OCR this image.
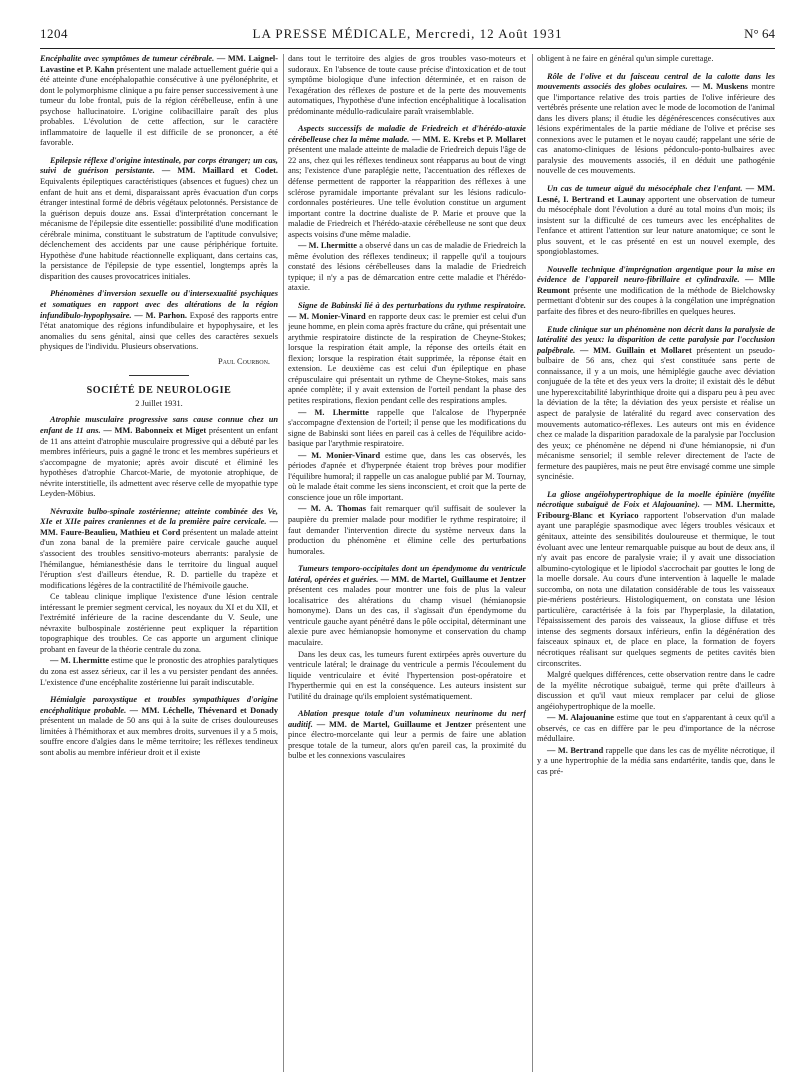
1204	LA PRESSE MÉDICALE, Mercredi, 12 Août 1931	N° 64

Encéphalite avec symptômes de tumeur cérébrale. — MM. Laignel-Lavastine et P. Kahn présentent une malade actuellement guérie qui a été atteinte d'une encéphalopathie consécutive à une pyélonéphrite, et dont le polymorphisme clinique a pu faire penser successivement à une tumeur du lobe frontal, puis de la région cérébelleuse, enfin à une psychose hallucinatoire. L'origine colibacillaire paraît des plus probables. L'évolution de cette affection, sur le caractère inflammatoire de laquelle il est difficile de se prononcer, a été favorable.

Epilepsie réflexe d'origine intestinale, par corps étranger; un cas, suivi de guérison persistante. — MM. Maillard et Codet. Equivalents épileptiques caractéristiques (absences et fugues) chez un enfant de huit ans et demi, disparaissant après évacuation d'un corps étranger intestinal formé de débris végétaux pelotonnés. Persistance de la guérison depuis douze ans. Essai d'interprétation concernant le mécanisme de l'épilepsie dite essentielle: possibilité d'une modification cérébrale minima, constituant le substratum de l'aptitude convulsive; déclenchement des accidents par une cause périphérique fortuite. Hypothèse d'une habitude réactionnelle expliquant, dans certains cas, la persistance de l'épilepsie de type essentiel, longtemps après la disparition des causes provocatrices initiales.

Phénomènes d'inversion sexuelle ou d'intersexualité psychiques et somatiques en rapport avec des altérations de la région infundibulo-hypophysaire. — M. Parhon. Exposé des rapports entre l'état anatomique des régions infundibulaire et hypophysaire, et les anomalies du sens génital, ainsi que celles des caractères sexuels physiques de l'individu. Plusieurs observations.

Paul Courbon.

SOCIÉTÉ DE NEUROLOGIE

2 Juillet 1931.

Atrophie musculaire progressive sans cause connue chez un enfant de 11 ans. — MM. Babonneix et Miget présentent un enfant de 11 ans atteint d'atrophie musculaire progressive qui a débuté par les membres inférieurs, puis a gagné le tronc et les membres supérieurs et s'accompagne de myatonie; après avoir discuté et éliminé les hypothèses d'atrophie Charcot-Marie, de myotonie atrophique, de névrite interstitielle, ils admettent avec réserve celle de myopathie type Leyden-Möbius.

Névraxite bulbo-spinale zostérienne; atteinte combinée des Ve, XIe et XIIe paires craniennes et de la première paire cervicale. — MM. Faure-Beaulieu, Mathieu et Cord présentent un malade atteint d'un zona banal de la première paire cervicale gauche auquel s'associent des troubles sensitivo-moteurs aberrants: paralysie de l'hémilangue, hémianesthésie dans le territoire du lingual auquel l'éruption s'est d'ailleurs étendue, R. D. partielle du trapèze et modifications légères de la contractilité de l'hémivoile gauche.

Ce tableau clinique implique l'existence d'une lésion centrale intéressant le premier segment cervical, les noyaux du XI et du XII, et l'extrémité inférieure de la racine descendante du V. Seule, une névraxite bulbospinale zostérienne peut expliquer la répartition topographique des troubles. Ce cas apporte un argument clinique probant en faveur de la théorie centrale du zona.

— M. Lhermitte estime que le pronostic des atrophies paralytiques du zona est assez sérieux, car il les a vu persister pendant des années. L'existence d'une encéphalite zostérienne lui paraît indiscutable.

Hémialgie paroxystique et troubles sympathiques d'origine encéphalitique probable. — MM. Léchelle, Thévenard et Donady présentent un malade de 50 ans qui à la suite de crises douloureuses limitées à l'hémithorax et aux membres droits, survenues il y a 5 mois, souffre encore d'algies dans le même territoire; les réflexes tendineux sont abolis au membre inférieur droit et il existe

dans tout le territoire des algies de gros troubles vaso-moteurs et sudoraux. En l'absence de toute cause précise d'intoxication et de tout symptôme biologique d'une infection déterminée, et en raison de l'exagération des réflexes de posture et de la perte des mouvements automatiques, l'hypothèse d'une infection encéphalitique à localisation prédominante médullo-radiculaire paraît vraisemblable.

Aspects successifs de maladie de Friedreich et d'hérédo-ataxie cérébelleuse chez la même malade. — MM. E. Krebs et P. Mollaret présentent une malade atteinte de maladie de Friedreich depuis l'âge de 22 ans, chez qui les réflexes tendineux sont réapparus au bout de vingt ans; l'existence d'une paraplégie nette, l'accentuation des réflexes de défense permettent de rapporter la réapparition des réflexes à une sclérose pyramidale importante prévalant sur les lésions radiculo-cordonnales postérieures. Une telle évolution constitue un argument important contre la doctrine dualiste de P. Marie et prouve que la maladie de Friedreich et l'hérédo-ataxie cérébelleuse ne sont que deux aspects voisins d'une même maladie.

— M. Lhermitte a observé dans un cas de maladie de Friedreich la même évolution des réflexes tendineux; il rappelle qu'il a toujours constaté des lésions cérébelleuses dans la maladie de Friedreich typique; il n'y a pas de démarcation entre cette maladie et l'hérédo-ataxie.

Signe de Babinski lié à des perturbations du rythme respiratoire. — M. Monier-Vinard en rapporte deux cas: le premier est celui d'un jeune homme, en plein coma après fracture du crâne, qui présentait une arythmie respiratoire distincte de la respiration de Cheyne-Stokes; lorsque la respiration était ample, la réponse des orteils était en flexion; lorsque la respiration était supprimée, la réponse était en extension. Le deuxième cas est celui d'un épileptique en phase crépusculaire qui présentait un rythme de Cheyne-Stokes, mais sans apnée complète; il y avait extension de l'orteil pendant la phase des petites respirations, flexion pendant celle des respirations amples.

— M. Lhermitte rappelle que l'alcalose de l'hyperpnée s'accompagne d'extension de l'orteil; il pense que les modifications du signe de Babinski sont liées en pareil cas à celles de l'équilibre acido-basique par l'arythmie respiratoire.

— M. Monier-Vinard estime que, dans les cas observés, les périodes d'apnée et d'hyperpnée étaient trop brèves pour modifier l'équilibre humoral; il rappelle un cas analogue publié par M. Tournay, où le malade était comme les siens inconscient, et croit que la perte de conscience joue un rôle important.

— M. A. Thomas fait remarquer qu'il suffisait de soulever la paupière du premier malade pour modifier le rythme respiratoire; il faut demander l'intervention directe du système nerveux dans la production du phénomène et élimine celle des perturbations humorales.

Tumeurs temporo-occipitales dont un épendymome du ventricule latéral, opérées et guéries. — MM. de Martel, Guillaume et Jentzer présentent ces malades pour montrer une fois de plus la valeur localisatrice des altérations du champ visuel (hémianopsie homonyme). Dans un des cas, il s'agissait d'un épendymome du ventricule gauche ayant pénétré dans le pôle occipital, déterminant une alexie pure avec hémianopsie homonyme et conservation du champ maculaire.

Dans les deux cas, les tumeurs furent extirpées après ouverture du ventricule latéral; le drainage du ventricule a permis l'écoulement du liquide ventriculaire et évité l'hypertension post-opératoire et l'hyperthermie qui en est la conséquence. Les auteurs insistent sur l'utilité du drainage qu'ils emploient systématiquement.

Ablation presque totale d'un volumineux neurinome du nerf auditif. — MM. de Martel, Guillaume et Jentzer présentent une pince électro-morcelante qui leur a permis de faire une ablation presque totale de la tumeur, alors qu'en pareil cas, la proximité du bulbe et les connexions vasculaires

obligent à ne faire en général qu'un simple curettage.

Rôle de l'olive et du faisceau central de la calotte dans les mouvements associés des globes oculaires. — M. Muskens montre que l'importance relative des trois parties de l'olive inférieure des vertébrés présente une relation avec le mode de locomotion de l'animal dans les divers plans; il étudie les dégénérescences consécutives aux lésions expérimentales de la partie médiane de l'olive et précise ses connexions avec le putamen et le noyau caudé; rappelant une série de cas anatomo-cliniques de lésions pédonculo-ponto-bulbaires avec paralysie des mouvements associés, il en déduit une pathogénie nouvelle de ces mouvements.

Un cas de tumeur aiguë du mésocéphale chez l'enfant. — MM. Lesné, I. Bertrand et Launay apportent une observation de tumeur du mésocéphale dont l'évolution a duré au total moins d'un mois; ils insistent sur la difficulté de ces tumeurs avec les encéphalites de l'enfance et attirent l'attention sur leur nature anatomique; ce sont le plus souvent, et le cas présenté en est un nouvel exemple, des spongioblastomes.

Nouvelle technique d'imprégnation argentique pour la mise en évidence de l'appareil neuro-fibrillaire et cylindraxile. — Mlle Reumont présente une modification de la méthode de Bielchowsky permettant d'obtenir sur des coupes à la congélation une imprégnation parfaite des fibres et des neuro-fibrilles en quelques heures.

Etude clinique sur un phénomène non décrit dans la paralysie de latéralité des yeux: la disparition de cette paralysie par l'occlusion palpébrale. — MM. Guillain et Mollaret présentent un pseudo-bulbaire de 56 ans, chez qui s'est constituée sans perte de connaissance, il y a un mois, une hémiplégie gauche avec déviation conjuguée de la tête et des yeux vers la droite; il existait dès le début une hyperexcitabilité labyrinthique droite qui a disparu peu à peu avec la déviation de la tête; la déviation des yeux persiste et réalise un aspect de paralysie de latéralité du regard avec conservation des mouvements automatico-réflexes. Les auteurs ont mis en évidence chez ce malade la disparition paradoxale de la paralysie par l'occlusion des yeux; ce phénomène ne dépend ni d'une hémianopsie, ni d'un mécanisme sensoriel; il semble relever directement de l'acte de fermeture des paupières, mais ne peut être envisagé comme une simple syncinésie.

La gliose angéiohypertrophique de la moelle épinière (myélite nécrotique subaiguë de Foix et Alajouanine). — MM. Lhermitte, Fribourg-Blanc et Kyriaco rapportent l'observation d'un malade ayant une paraplégie spasmodique avec légers troubles vésicaux et génitaux, atteinte des sensibilités douloureuse et thermique, le tout évoluant avec une lenteur remarquable puisque au bout de deux ans, il n'y avait pas encore de paralysie vraie; il y avait une dissociation albumino-cytologique et le lipiodol s'accrochait par gouttes le long de la moelle dorsale. Au cours d'une intervention à laquelle le malade succomba, on nota une dilatation considérable de tous les vaisseaux pie-mériens postérieurs. Histologiquement, on constata une lésion particulière, caractérisée à la fois par l'hyperplasie, la dilatation, l'épaississement des parois des vaisseaux, la gliose diffuse et très intense des segments dorsaux inférieurs, enfin la dégénération des faisceaux spinaux et, de place en place, la formation de foyers nécrotiques réalisant sur quelques segments de petites cavités bien circonscrites.

Malgré quelques différences, cette observation rentre dans le cadre de la myélite nécrotique subaiguë, terme qui prête d'ailleurs à discussion et qu'il vaut mieux remplacer par celui de gliose angéiohypertrophique de la moelle.

— M. Alajouanine estime que tout en s'apparentant à ceux qu'il a observés, ce cas en diffère par le peu d'importance de la nécrose médullaire.

— M. Bertrand rappelle que dans les cas de myélite nécrotique, il y a une hypertrophie de la média sans endartérite, tandis que, dans le cas pré-
